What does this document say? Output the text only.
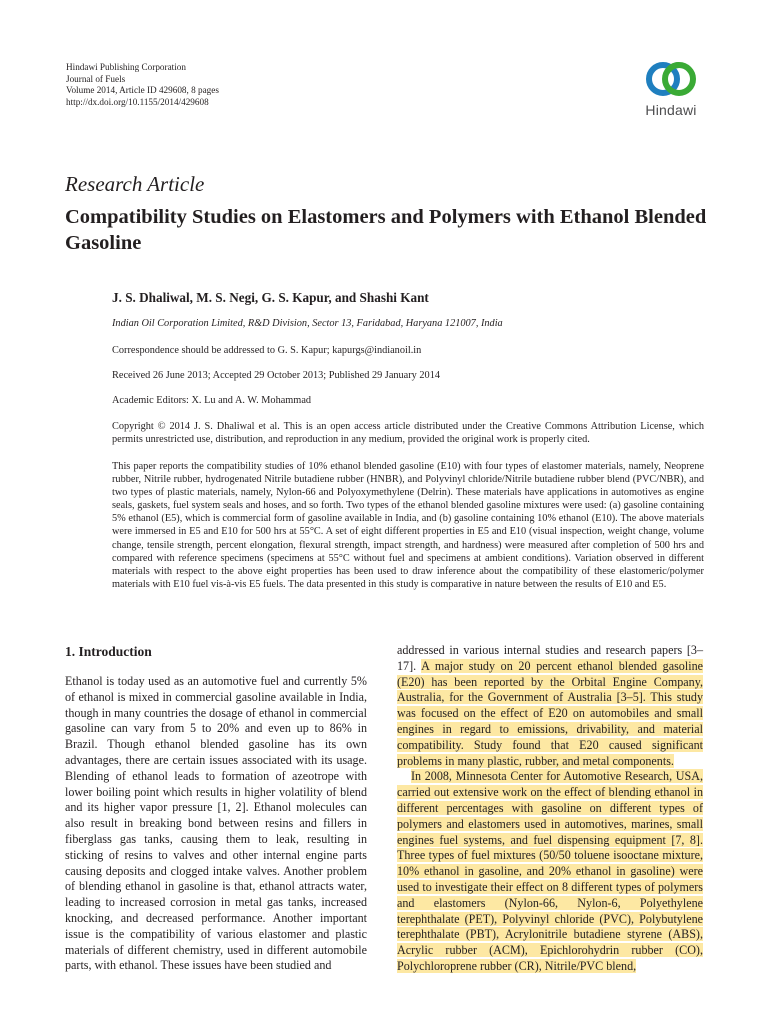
Hindawi Publishing Corporation
Journal of Fuels
Volume 2014, Article ID 429608, 8 pages
http://dx.doi.org/10.1155/2014/429608
Hindawi
Research Article
Compatibility Studies on Elastomers and Polymers with Ethanol Blended Gasoline
J. S. Dhaliwal, M. S. Negi, G. S. Kapur, and Shashi Kant
Indian Oil Corporation Limited, R&D Division, Sector 13, Faridabad, Haryana 121007, India
Correspondence should be addressed to G. S. Kapur; kapurgs@indianoil.in
Received 26 June 2013; Accepted 29 October 2013; Published 29 January 2014
Academic Editors: X. Lu and A. W. Mohammad
Copyright © 2014 J. S. Dhaliwal et al. This is an open access article distributed under the Creative Commons Attribution License, which permits unrestricted use, distribution, and reproduction in any medium, provided the original work is properly cited.
This paper reports the compatibility studies of 10% ethanol blended gasoline (E10) with four types of elastomer materials, namely, Neoprene rubber, Nitrile rubber, hydrogenated Nitrile butadiene rubber (HNBR), and Polyvinyl chloride/Nitrile butadiene rubber blend (PVC/NBR), and two types of plastic materials, namely, Nylon-66 and Polyoxymethylene (Delrin). These materials have applications in automotives as engine seals, gaskets, fuel system seals and hoses, and so forth. Two types of the ethanol blended gasoline mixtures were used: (a) gasoline containing 5% ethanol (E5), which is commercial form of gasoline available in India, and (b) gasoline containing 10% ethanol (E10). The above materials were immersed in E5 and E10 for 500 hrs at 55°C. A set of eight different properties in E5 and E10 (visual inspection, weight change, volume change, tensile strength, percent elongation, flexural strength, impact strength, and hardness) were measured after completion of 500 hrs and compared with reference specimens (specimens at 55°C without fuel and specimens at ambient conditions). Variation observed in different materials with respect to the above eight properties has been used to draw inference about the compatibility of these elastomeric/polymer materials with E10 fuel vis-à-vis E5 fuels. The data presented in this study is comparative in nature between the results of E10 and E5.
1. Introduction

Ethanol is today used as an automotive fuel and currently 5% of ethanol is mixed in commercial gasoline available in India, though in many countries the dosage of ethanol in commercial gasoline can vary from 5 to 20% and even up to 86% in Brazil. Though ethanol blended gasoline has its own advantages, there are certain issues associated with its usage. Blending of ethanol leads to formation of azeotrope with lower boiling point which results in higher volatility of blend and its higher vapor pressure [1, 2]. Ethanol molecules can also result in breaking bond between resins and fillers in fiberglass gas tanks, causing them to leak, resulting in sticking of resins to valves and other internal engine parts causing deposits and clogged intake valves. Another problem of blending ethanol in gasoline is that, ethanol attracts water, leading to increased corrosion in metal gas tanks, increased knocking, and decreased performance. Another important issue is the compatibility of various elastomer and plastic materials of different chemistry, used in different automobile parts, with ethanol. These issues have been studied and

addressed in various internal studies and research papers [3–17]. A major study on 20 percent ethanol blended gasoline (E20) has been reported by the Orbital Engine Company, Australia, for the Government of Australia [3–5]. This study was focused on the effect of E20 on automobiles and small engines in regard to emissions, drivability, and material compatibility. Study found that E20 caused significant problems in many plastic, rubber, and metal components.

In 2008, Minnesota Center for Automotive Research, USA, carried out extensive work on the effect of blending ethanol in different percentages with gasoline on different types of polymers and elastomers used in automotives, marines, small engines fuel systems, and fuel dispensing equipment [7, 8]. Three types of fuel mixtures (50/50 toluene isooctane mixture, 10% ethanol in gasoline, and 20% ethanol in gasoline) were used to investigate their effect on 8 different types of polymers and elastomers (Nylon-66, Nylon-6, Polyethylene terephthalate (PET), Polyvinyl chloride (PVC), Polybutylene terephthalate (PBT), Acrylonitrile butadiene styrene (ABS), Acrylic rubber (ACM), Epichlorohydrin rubber (CO), Polychloroprene rubber (CR), Nitrile/PVC blend,
